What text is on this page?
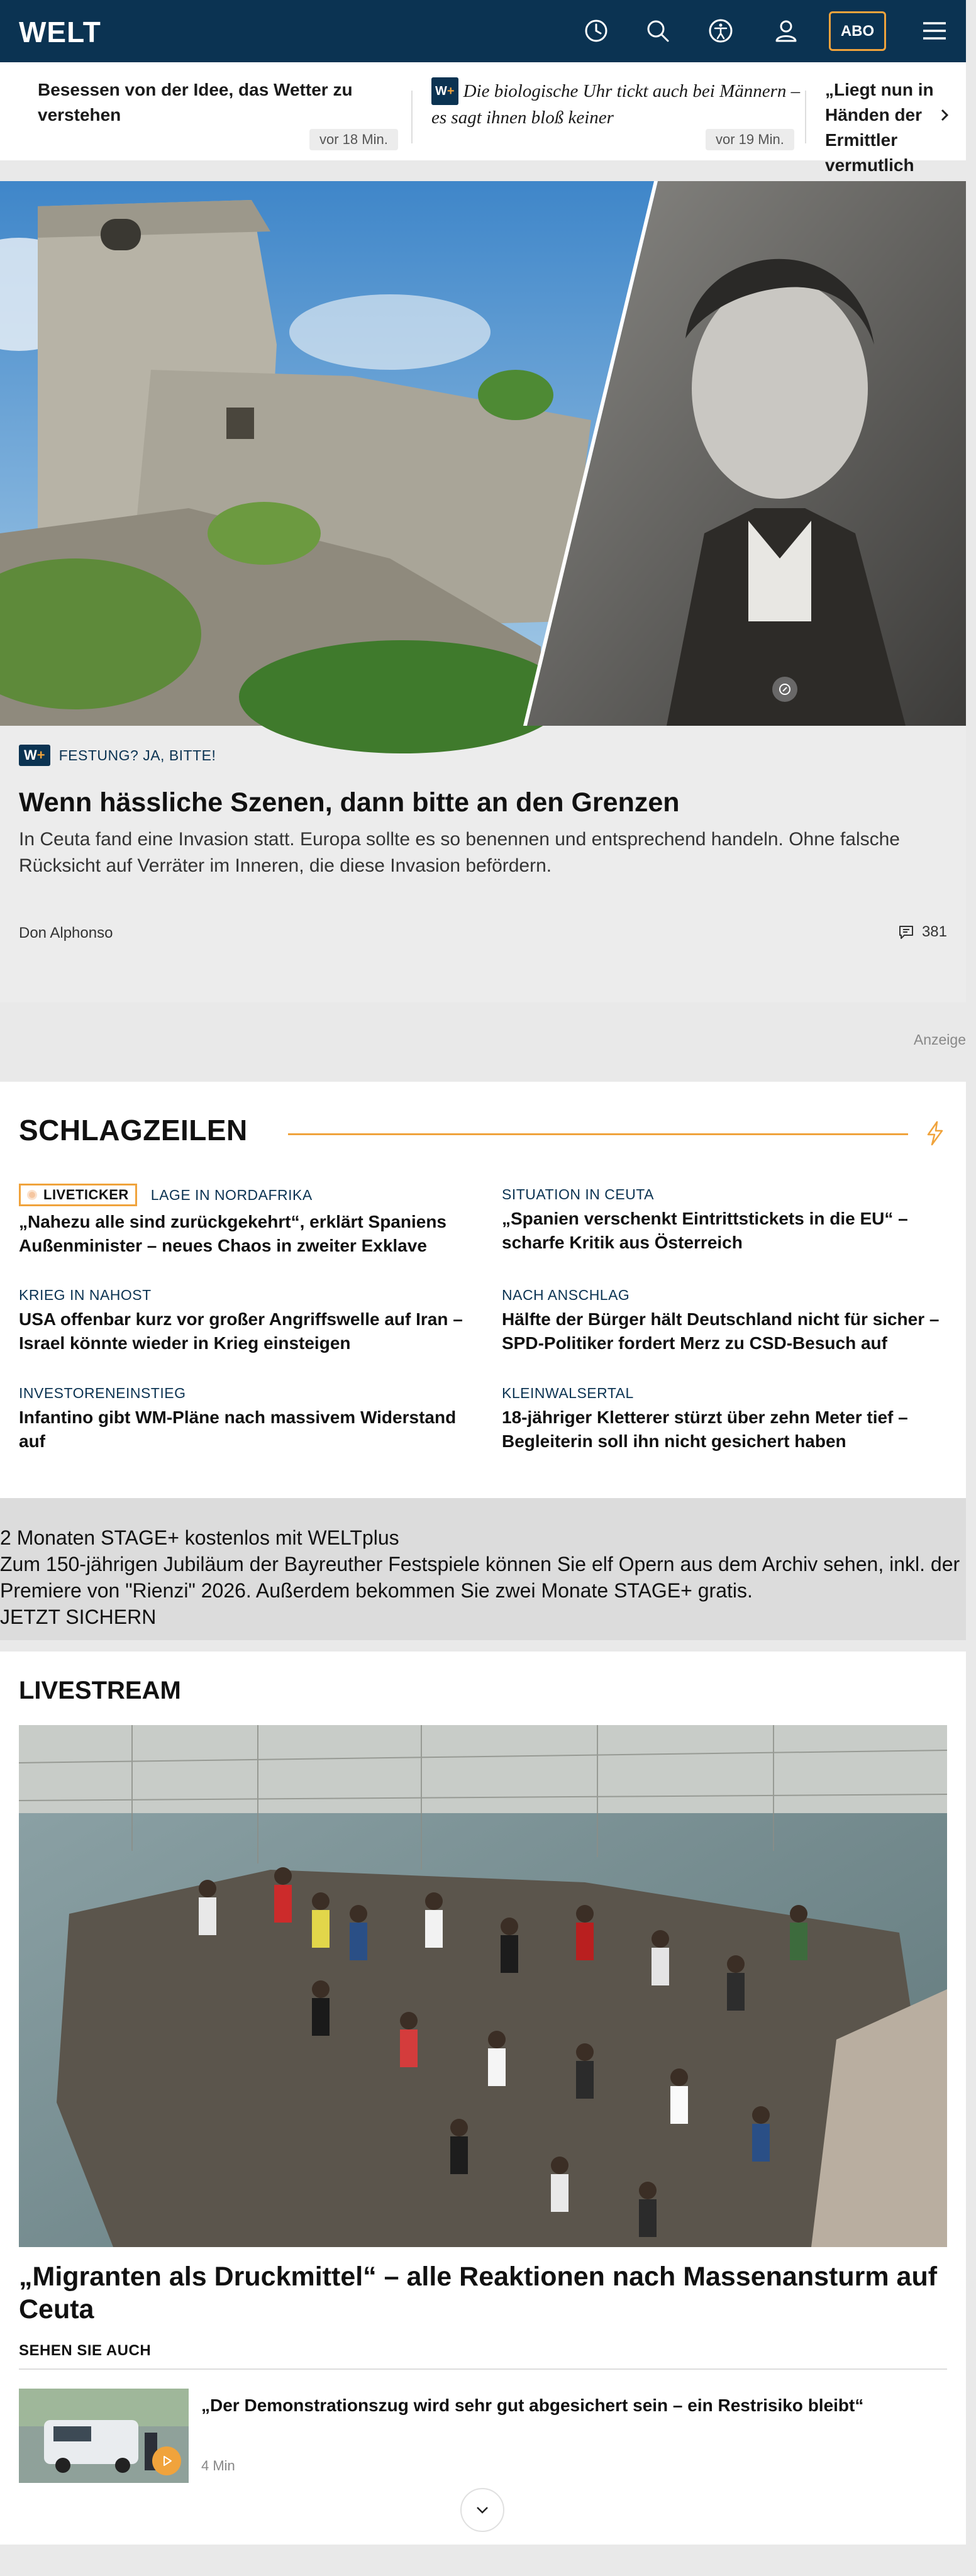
WELT	ABO
Besessen von der Idee, das Wetter zu verstehen
vor 18 Min.
W+ Die biologische Uhr tickt auch bei Männern – es sagt ihnen bloß keiner
vor 19 Min.
„Liegt nun in Händen der Ermittler vermutlich
W+ FESTUNG? JA, BITTE!
Wenn hässliche Szenen, dann bitte an den Grenzen
In Ceuta fand eine Invasion statt. Europa sollte es so benennen und entsprechend handeln. Ohne falsche Rücksicht auf Verräter im Inneren, die diese Invasion befördern.
Don Alphonso	381
Anzeige
SCHLAGZEILEN
LIVETICKER LAGE IN NORDAFRIKA
„Nahezu alle sind zurückgekehrt“, erklärt Spaniens Außenminister – neues Chaos in zweiter Exklave
SITUATION IN CEUTA
„Spanien verschenkt Eintrittstickets in die EU“ – scharfe Kritik aus Österreich
KRIEG IN NAHOST
USA offenbar kurz vor großer Angriffswelle auf Iran – Israel könnte wieder in Krieg einsteigen
NACH ANSCHLAG
Hälfte der Bürger hält Deutschland nicht für sicher – SPD-Politiker fordert Merz zu CSD-Besuch auf
INVESTORENEINSTIEG
Infantino gibt WM-Pläne nach massivem Widerstand auf
KLEINWALSERTAL
18-jähriger Kletterer stürzt über zehn Meter tief – Begleiterin soll ihn nicht gesichert haben

2 Monaten STAGE+ kostenlos mit WELTplus

Zum 150-jährigen Jubiläum der Bayreuther Festspiele können Sie elf Opern aus dem Archiv sehen, inkl. der Premiere von "Rienzi" 2026. Außerdem bekommen Sie zwei Monate STAGE+ gratis.

JETZT SICHERN

LIVESTREAM
„Migranten als Druckmittel“ – alle Reaktionen nach Massenansturm auf Ceuta
SEHEN SIE AUCH
„Der Demonstrationszug wird sehr gut abgesichert sein – ein Restrisiko bleibt“
4 Min
